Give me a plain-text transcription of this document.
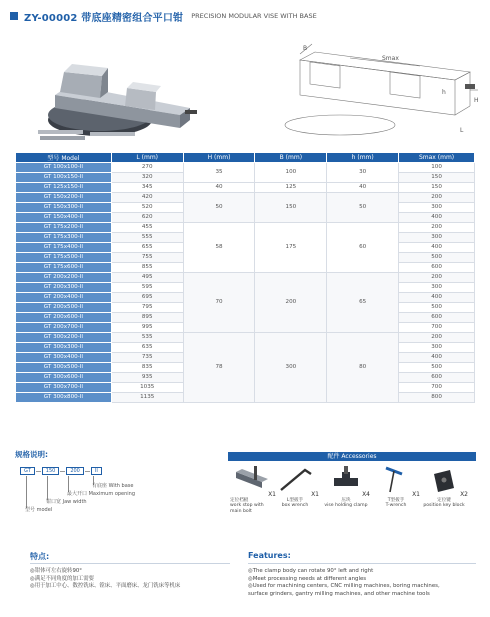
ZY-00002 带底座精密组合平口钳 PRECISION MODULAR VISE WITH BASE
B
Smax
h
H
L
型号 Model	L (mm)	H (mm)	B (mm)	h (mm)	Smax (mm)
GT 100x100-II	270	35	100	30	100
GT 100x150-II	320				150
GT 125x150-II	345	40	125	40	150
GT 150x200-II	420	50	150	50	200
GT 150x300-II	520				300
GT 150x400-II	620				400
GT 175x200-II	455	58	175	60	200
GT 175x300-II	555				300
GT 175x400-II	655				400
GT 175x500-II	755				500
GT 175x600-II	855				600
GT 200x200-II	495	70	200	65	200
GT 200x300-II	595				300
GT 200x400-II	695				400
GT 200x500-II	795				500
GT 200x600-II	895				600
GT 200x700-II	995				700
GT 300x200-II	535	78	300	80	200
GT 300x300-II	635				300
GT 300x400-II	735				400
GT 300x500-II	835				500
GT 300x600-II	935				600
GT 300x700-II	1035				700
GT 300x800-II	1135				800
规格说明:
GT	150	200	II
有底座 With base
最大开口 Maximum opening
钳口宽 Jaw width
型号 model
配件 Accessories
X1
定位档板
work stop with main bolt
X1
L型扳手
box wrench
X4
压块
vise holding clamp
X1
T型扳手
T-wrench
X2
定位键
position key block
特点:
◎钳体可左右旋转90°
◎满足不同角度的加工需要
◎用于加工中心、数控铣床、镗床、平面磨床、龙门铣床等机床
Features:
◎The clamp body can rotate 90° left and right
◎Meet processing needs at different angles
◎Used for machining centers, CNC milling machines, boring machines,
surface grinders, gantry milling machines, and other machine tools
